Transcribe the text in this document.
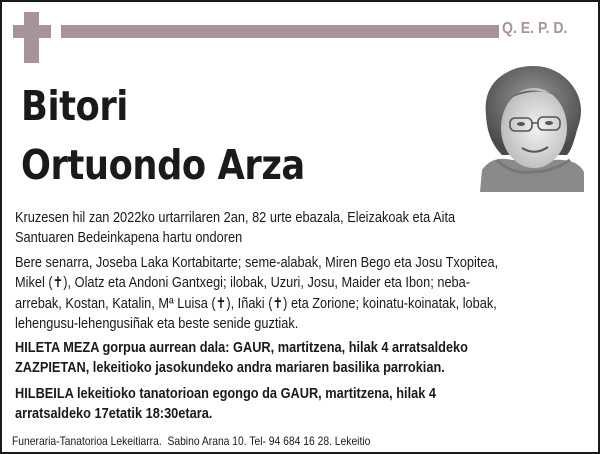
Q. E. P. D.
Bitori
Ortuondo Arza
Kruzesen hil zan 2022ko urtarrilaren 2an, 82 urte ebazala, Eleizakoak eta Aita
Santuaren Bedeinkapena hartu ondoren
Bere senarra, Joseba Laka Kortabitarte; seme-alabak, Miren Bego eta Josu Txopitea,
Mikel (✝), Olatz eta Andoni Gantxegi; ilobak, Uzuri, Josu, Maider eta Ibon; neba-
arrebak, Kostan, Katalin, Mª Luisa (✝), Iñaki (✝) eta Zorione; koinatu-koinatak, lobak,
lehengusu-lehengusiñak eta beste senide guztiak.
HILETA MEZA gorpua aurrean dala: GAUR, martitzena, hilak 4 arratsaldeko
ZAZPIETAN, lekeitioko jasokundeko andra mariaren basilika parrokian.
HILBEILA lekeitioko tanatorioan egongo da GAUR, martitzena, hilak 4
arratsaldeko 17etatik 18:30etara.
Funeraria-Tanatorioa Lekeitiarra.  Sabino Arana 10. Tel- 94 684 16 28. Lekeitio
